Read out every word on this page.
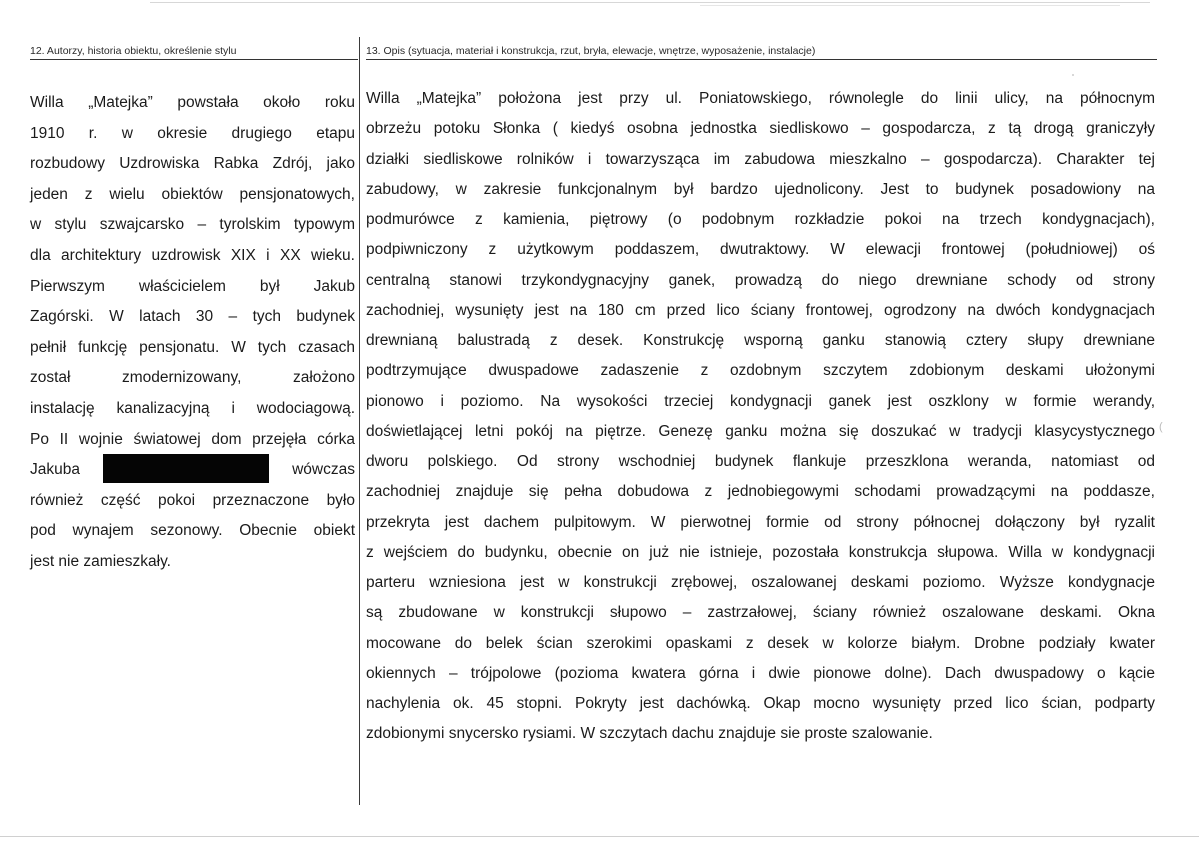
12. Autorzy, historia obiektu, określenie stylu	13. Opis (sytuacja, materiał i konstrukcja, rzut, bryła, elewacje, wnętrze, wyposażenie, instalacje)
Willa „Matejka” powstała około roku
1910 r. w okresie drugiego etapu
rozbudowy Uzdrowiska Rabka Zdrój, jako
jeden z wielu obiektów pensjonatowych,
w stylu szwajcarsko – tyrolskim typowym
dla architektury uzdrowisk XIX i XX wieku.
Pierwszym właścicielem był Jakub
Zagórski. W latach 30 – tych budynek
pełnił funkcję pensjonatu. W tych czasach
został zmodernizowany, założono
instalację kanalizacyjną i wodociagową.
Po II wojnie światowej dom przejęła córka
Jakuba	wówczas
również część pokoi przeznaczone było
pod wynajem sezonowy. Obecnie obiekt
jest nie zamieszkały.
Willa „Matejka” położona jest przy ul. Poniatowskiego, równolegle do linii ulicy, na północnym
obrzeżu potoku Słonka ( kiedyś osobna jednostka siedliskowo – gospodarcza, z tą drogą graniczyły
działki siedliskowe rolników i towarzysząca im zabudowa mieszkalno – gospodarcza). Charakter tej
zabudowy, w zakresie funkcjonalnym był bardzo ujednolicony. Jest to budynek posadowiony na
podmurówce z kamienia, piętrowy (o podobnym rozkładzie pokoi na trzech kondygnacjach),
podpiwniczony z użytkowym poddaszem, dwutraktowy. W elewacji frontowej (południowej) oś
centralną stanowi trzykondygnacyjny ganek, prowadzą do niego drewniane schody od strony
zachodniej, wysunięty jest na 180 cm przed lico ściany frontowej, ogrodzony na dwóch kondygnacjach
drewnianą balustradą z desek. Konstrukcję wsporną ganku stanowią cztery słupy drewniane
podtrzymujące dwuspadowe zadaszenie z ozdobnym szczytem zdobionym deskami ułożonymi
pionowo i poziomo. Na wysokości trzeciej kondygnacji ganek jest oszklony w formie werandy,
doświetlającej letni pokój na piętrze. Genezę ganku można się doszukać w tradycji klasycystycznego
dworu polskiego. Od strony wschodniej budynek flankuje przeszklona weranda, natomiast od
zachodniej znajduje się pełna dobudowa z jednobiegowymi schodami prowadzącymi na poddasze,
przekryta jest dachem pulpitowym. W pierwotnej formie od strony północnej dołączony był ryzalit
z wejściem do budynku, obecnie on już nie istnieje, pozostała konstrukcja słupowa. Willa w kondygnacji
parteru wzniesiona jest w konstrukcji zrębowej, oszalowanej deskami poziomo. Wyższe kondygnacje
są zbudowane w konstrukcji słupowo – zastrzałowej, ściany również oszalowane deskami. Okna
mocowane do belek ścian szerokimi opaskami z desek w kolorze białym. Drobne podziały kwater
okiennych – trójpolowe (pozioma kwatera górna i dwie pionowe dolne). Dach dwuspadowy o kącie
nachylenia ok. 45 stopni. Pokryty jest dachówką. Okap mocno wysunięty przed lico ścian, podparty
zdobionymi snycersko rysiami. W szczytach dachu znajduje sie proste szalowanie.
(
